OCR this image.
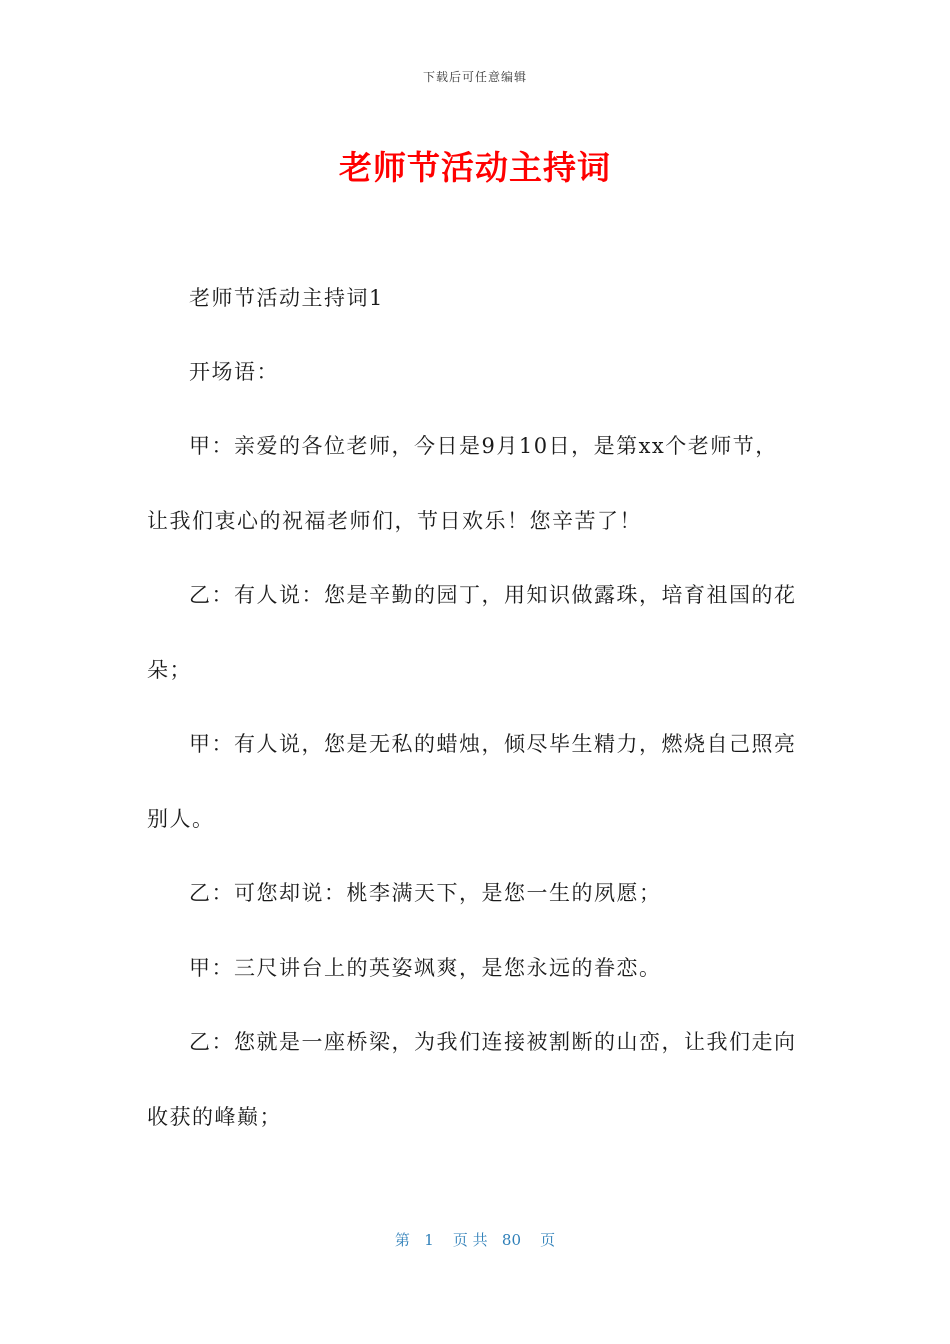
下载后可任意编辑
老师节活动主持词
老师节活动主持词1
开场语：
甲：亲爱的各位老师，今日是9月10日，是第xx个老师节，
让我们衷心的祝福老师们，节日欢乐！您辛苦了！
乙：有人说：您是辛勤的园丁，用知识做露珠，培育祖国的花
朵；
甲：有人说，您是无私的蜡烛，倾尽毕生精力，燃烧自己照亮
别人。
乙：可您却说：桃李满天下，是您一生的夙愿；
甲：三尺讲台上的英姿飒爽，是您永远的眷恋。
乙：您就是一座桥梁，为我们连接被割断的山峦，让我们走向
收获的峰巅；
第   1    页 共   80    页
